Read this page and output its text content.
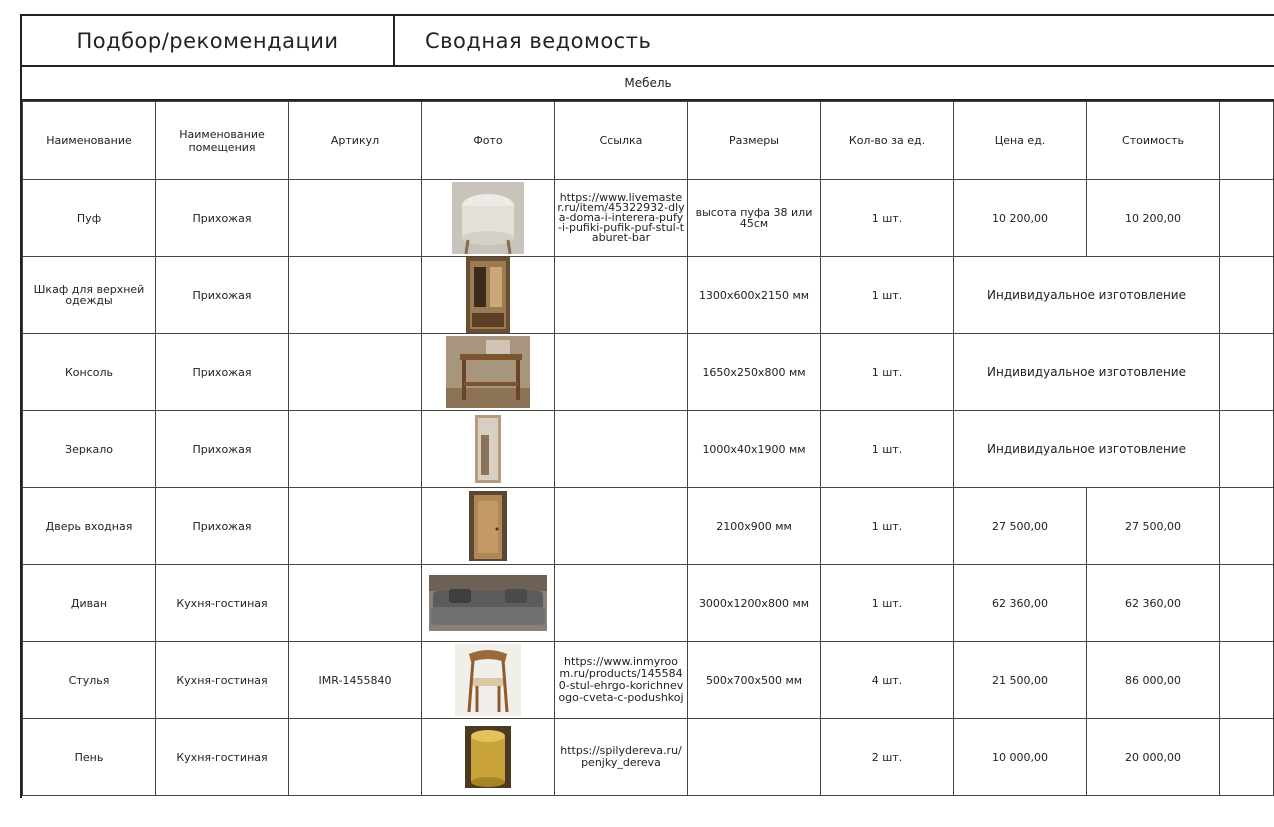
Подбор/рекомендации	Сводная ведомость
Мебель
Наименование	Наименование помещения	Артикул	Фото	Ссылка	Размеры	Кол-во за ед.	Цена ед.	Стоимость	
Пуф	Прихожая			https://www.livemaster.ru/item/45322932-dlya-doma-i-interera-pufy-i-pufiki-pufik-puf-stul-taburet-bar	высота пуфа 38 или 45см	1 шт.	10 200,00	10 200,00	
Шкаф для верхней одежды	Прихожая				1300х600х2150 мм	1 шт.	Индивидуальное изготовление		
Консоль	Прихожая				1650х250х800 мм	1 шт.	Индивидуальное изготовление		
Зеркало	Прихожая				1000х40х1900 мм	1 шт.	Индивидуальное изготовление		
Дверь входная	Прихожая				2100х900 мм	1 шт.	27 500,00	27 500,00	
Диван	Кухня-гостиная				3000х1200х800 мм	1 шт.	62 360,00	62 360,00	
Стулья	Кухня-гостиная	IMR-1455840		https://www.inmyroom.ru/products/1455840-stul-ehrgo-korichnevogo-cveta-c-podushkoj	500х700х500 мм	4 шт.	21 500,00	86 000,00	
Пень	Кухня-гостиная			https://spilydereva.ru/penjky_dereva		2 шт.	10 000,00	20 000,00	
